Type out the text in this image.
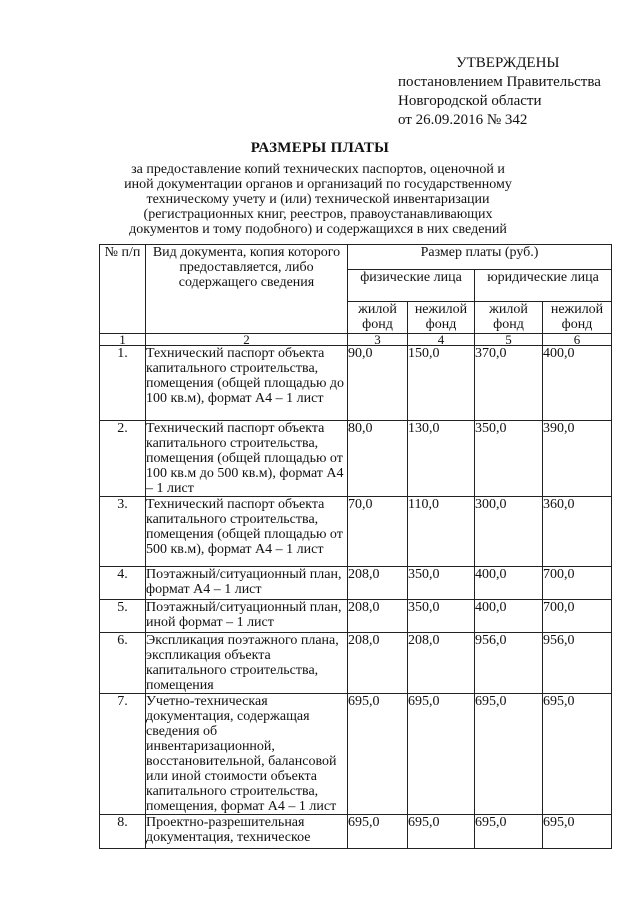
УТВЕРЖДЕНЫ
постановлением Правительства
Новгородской области
от 26.09.2016 № 342
РАЗМЕРЫ ПЛАТЫ
за предоставление копий технических паспортов, оценочной и иной документации органов и организаций по государственному техническому учету и (или) технической инвентаризации (регистрационных книг, реестров, правоустанавливающих документов и тому подобного) и содержащихся в них сведений
№ п/п	Вид документа, копия которого предоставляется, либо содержащего сведения	Размер платы (руб.)			
		физические лица		юридические лица	
		жилой фонд	нежилой фонд	жилой фонд	нежилой фонд
1	2	3	4	5	6
1.	Технический паспорт объекта капитального строительства, помещения (общей площадью до 100 кв.м), формат А4 – 1 лист	90,0	150,0	370,0	400,0
2.	Технический паспорт объекта капитального строительства, помещения (общей площадью от 100 кв.м до 500 кв.м), формат А4 – 1 лист	80,0	130,0	350,0	390,0
3.	Технический паспорт объекта капитального строительства, помещения (общей площадью от 500 кв.м), формат А4 – 1 лист	70,0	110,0	300,0	360,0
4.	Поэтажный/ситуационный план, формат А4 – 1 лист	208,0	350,0	400,0	700,0
5.	Поэтажный/ситуационный план, иной формат – 1 лист	208,0	350,0	400,0	700,0
6.	Экспликация поэтажного плана, экспликация объекта капитального строительства, помещения	208,0	208,0	956,0	956,0
7.	Учетно-техническая документация, содержащая сведения об инвентаризационной, восстановительной, балансовой или иной стоимости объекта капитального строительства, помещения, формат А4 – 1 лист	695,0	695,0	695,0	695,0
8.	Проектно-разрешительная документация, техническое	695,0	695,0	695,0	695,0
